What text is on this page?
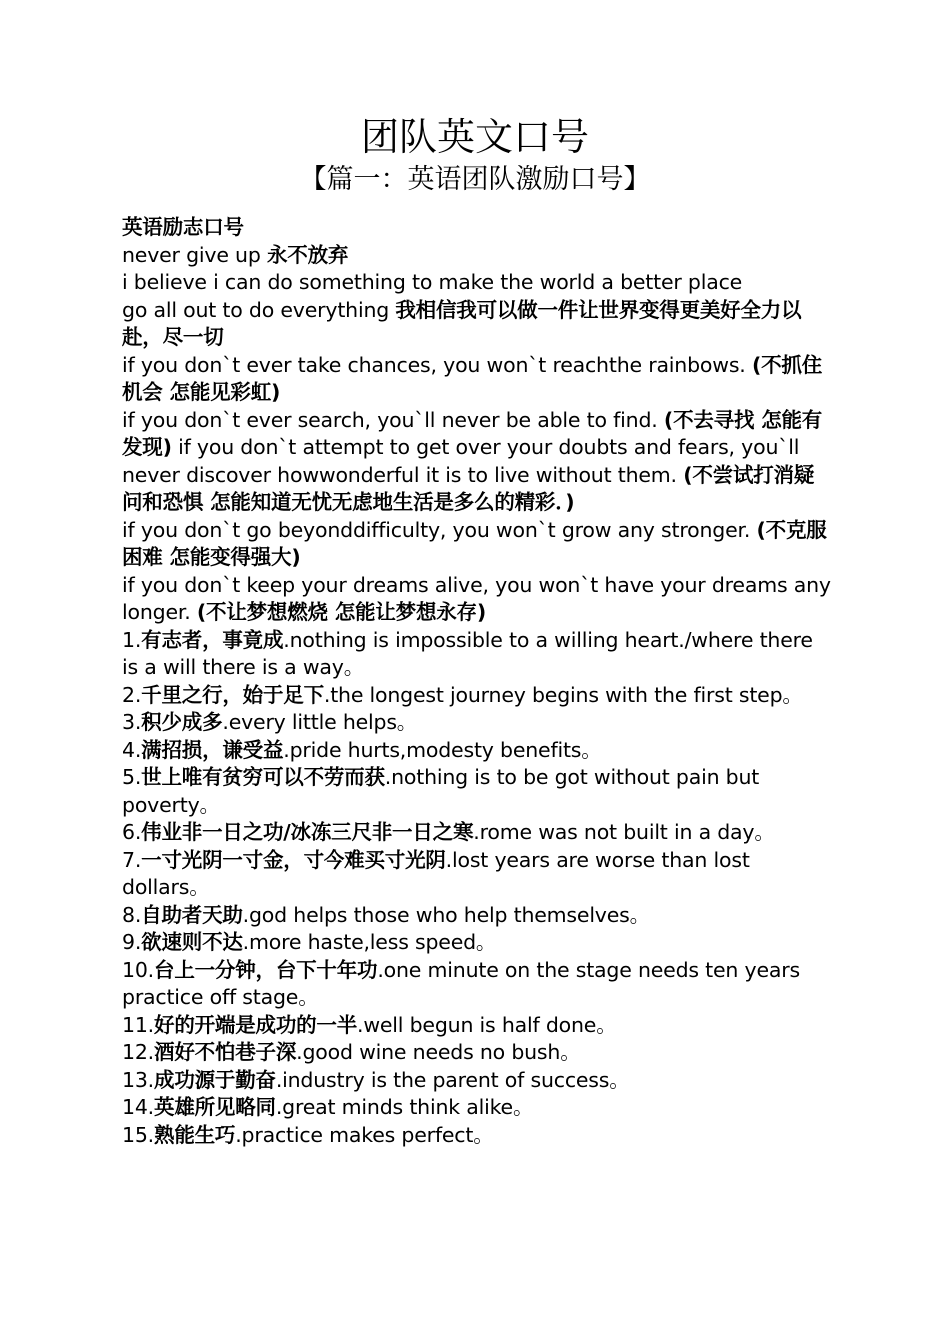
团队英文口号
【篇一：英语团队激励口号】

英语励志口号

never give up 永不放弃

i believe i can do something to make the world a better place

go all out to do everything 我相信我可以做一件让世界变得更美好全力以赴，尽一切

if you don`t ever take chances, you won`t reachthe rainbows. (不抓住机会 怎能见彩虹)

if you don`t ever search, you`ll never be able to find. (不去寻找 怎能有发现) if you don`t attempt to get over your doubts and fears, you`ll never discover howwonderful it is to live without them. (不尝试打消疑问和恐惧 怎能知道无忧无虑地生活是多么的精彩．)

if you don`t go beyonddifficulty, you won`t grow any stronger. (不克服困难 怎能变得强大)

if you don`t keep your dreams alive, you won`t have your dreams any longer. (不让梦想燃烧 怎能让梦想永存)

1.有志者，事竟成.nothing is impossible to a willing heart./where there is a will there is a way。

2.千里之行，始于足下.the longest journey begins with the first step。

3.积少成多.every little helps。

4.满招损，谦受益.pride hurts,modesty benefits。

5.世上唯有贫穷可以不劳而获.nothing is to be got without pain but poverty。

6.伟业非一日之功/冰冻三尺非一日之寒.rome was not built in a day。

7.一寸光阴一寸金，寸今难买寸光阴.lost years are worse than lost dollars。

8.自助者天助.god helps those who help themselves。

9.欲速则不达.more haste,less speed。

10.台上一分钟，台下十年功.one minute on the stage needs ten years practice off stage。

11.好的开端是成功的一半.well begun is half done。

12.酒好不怕巷子深.good wine needs no bush。

13.成功源于勤奋.industry is the parent of success。

14.英雄所见略同.great minds think alike。

15.熟能生巧.practice makes perfect。
